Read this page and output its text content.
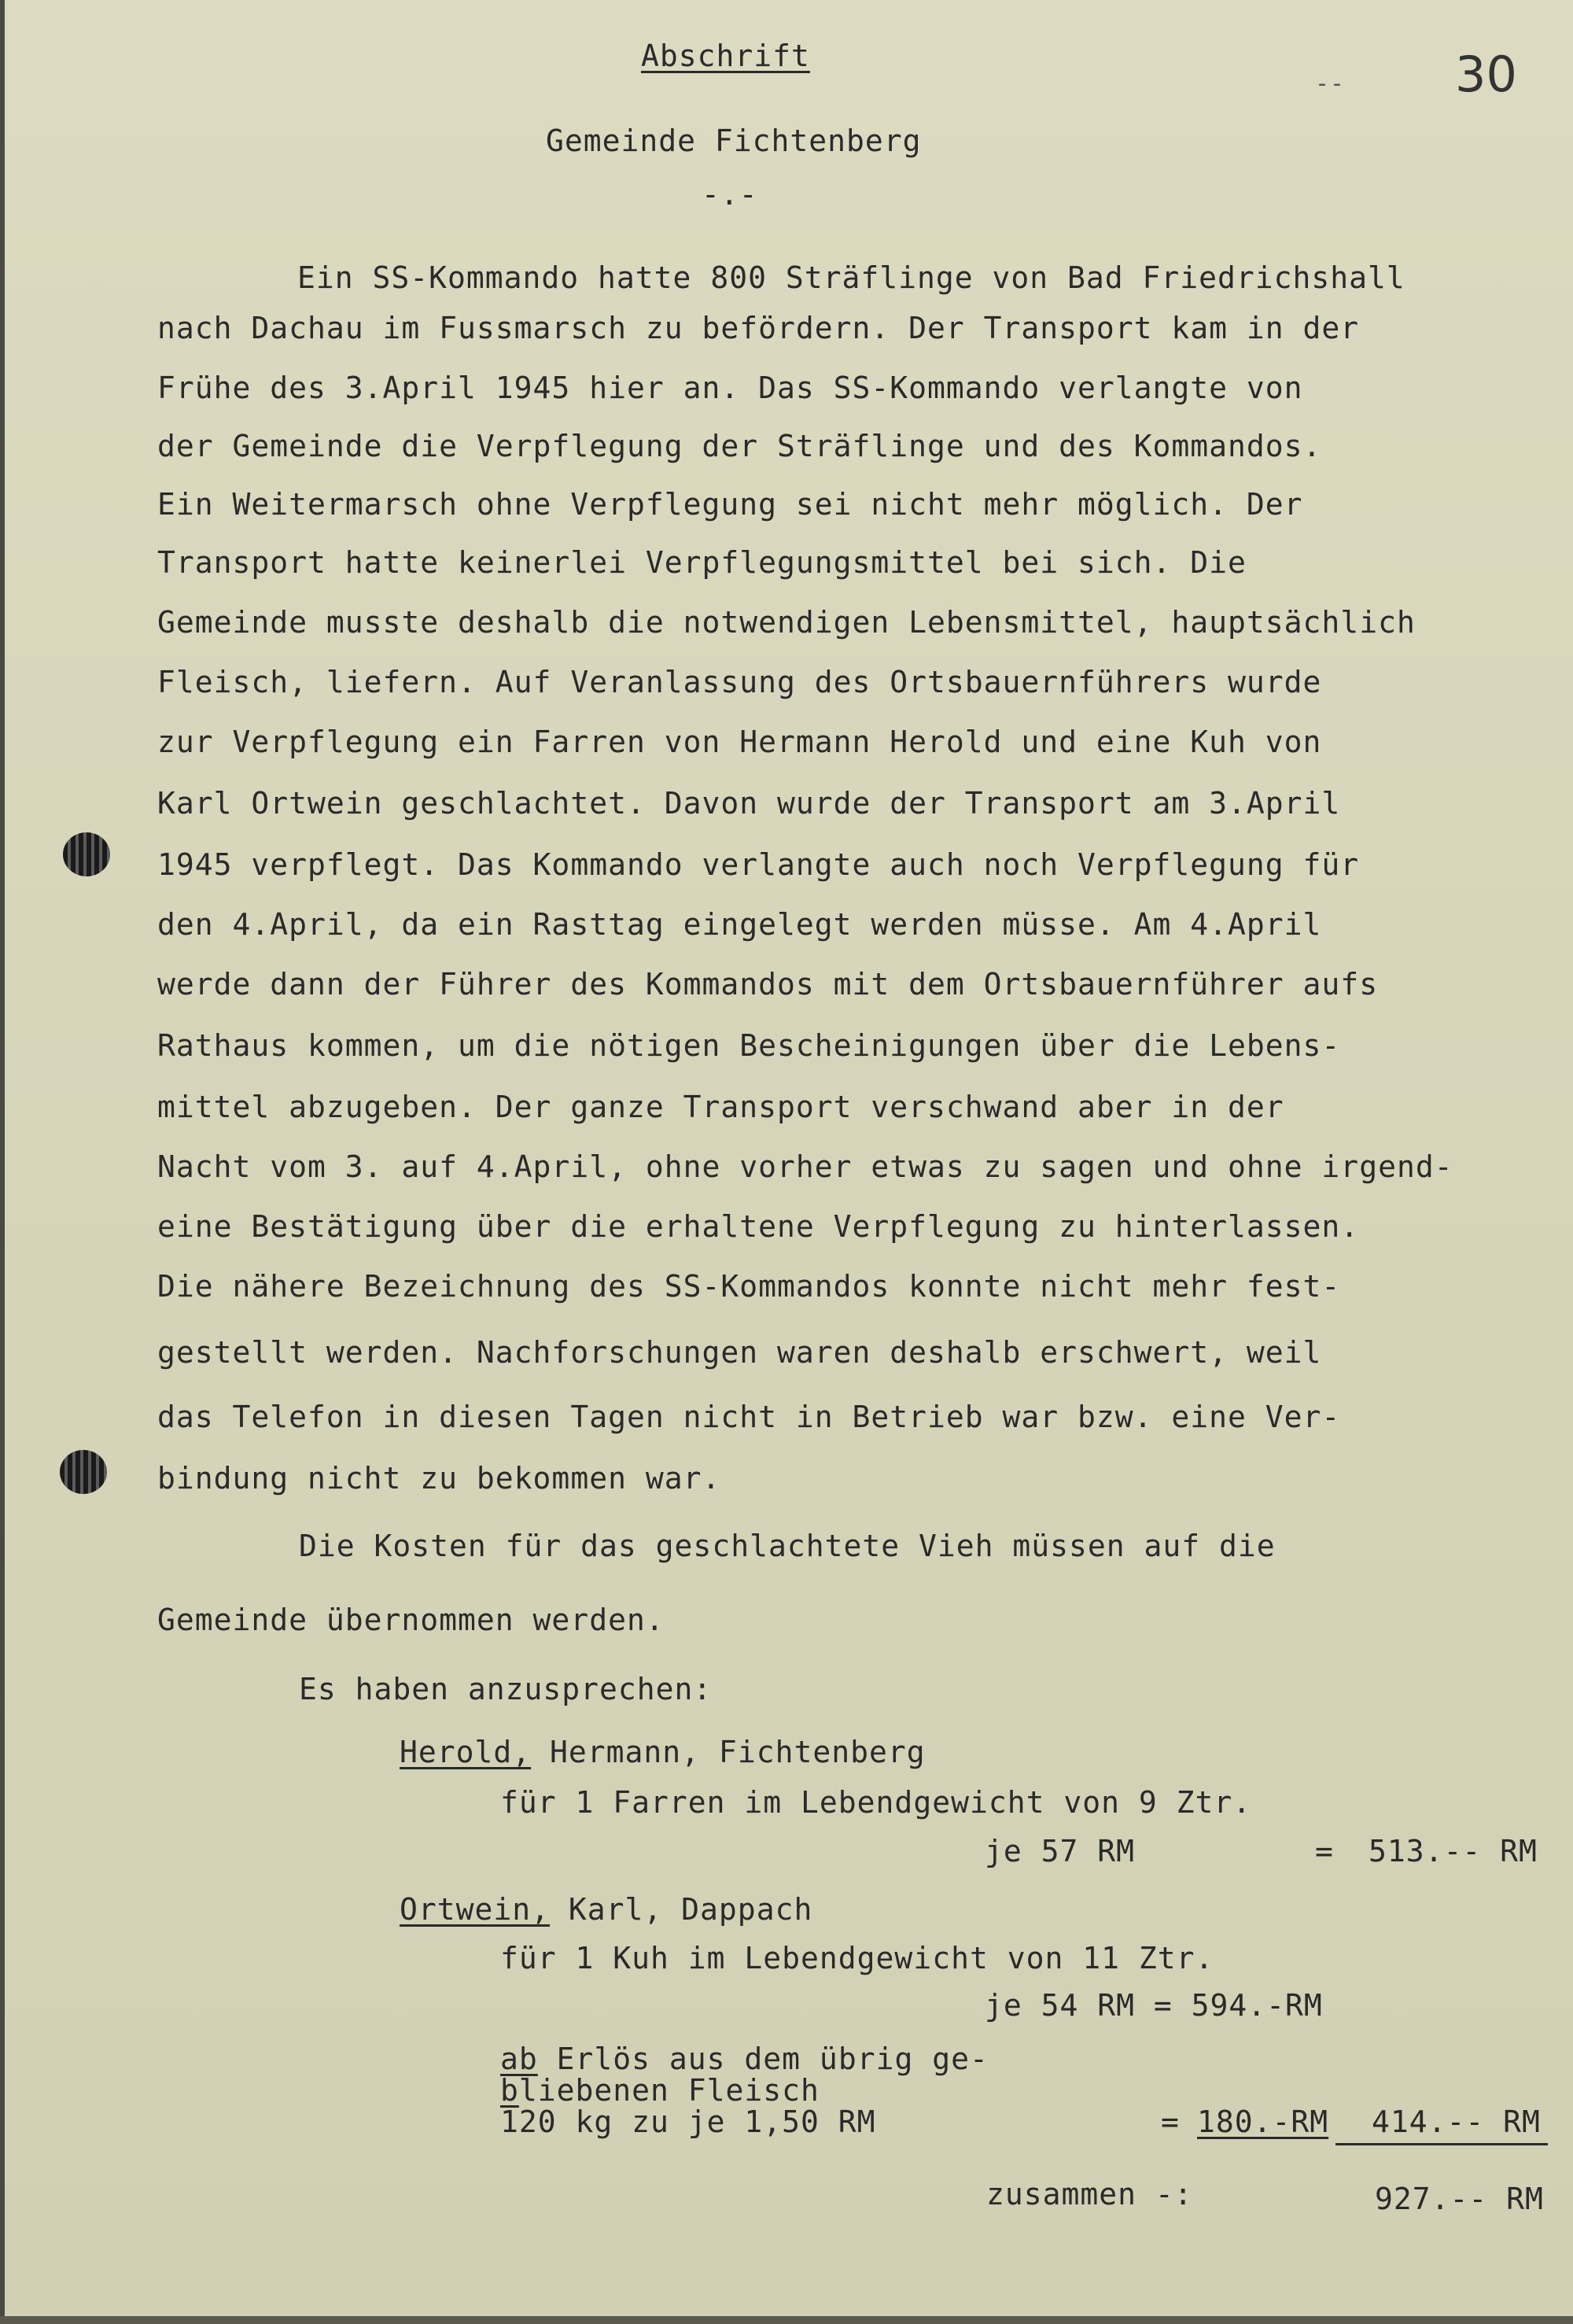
Abschrift
-- 30
Gemeinde Fichtenberg
-.-
Ein SS-Kommando hatte 800 Sträflinge von Bad Friedrichshall
nach Dachau im Fussmarsch zu befördern. Der Transport kam in der
Frühe des 3.April 1945 hier an. Das SS-Kommando verlangte von
der Gemeinde die Verpflegung der Sträflinge und des Kommandos.
Ein Weitermarsch ohne Verpflegung sei nicht mehr möglich. Der
Transport hatte keinerlei Verpflegungsmittel bei sich. Die
Gemeinde musste deshalb die notwendigen Lebensmittel, hauptsächlich
Fleisch, liefern. Auf Veranlassung des Ortsbauernführers wurde
zur Verpflegung ein Farren von Hermann Herold und eine Kuh von
Karl Ortwein geschlachtet. Davon wurde der Transport am 3.April
1945 verpflegt. Das Kommando verlangte auch noch Verpflegung für
den 4.April, da ein Rasttag eingelegt werden müsse. Am 4.April
werde dann der Führer des Kommandos mit dem Ortsbauernführer aufs
Rathaus kommen, um die nötigen Bescheinigungen über die Lebens-
mittel abzugeben. Der ganze Transport verschwand aber in der
Nacht vom 3. auf 4.April, ohne vorher etwas zu sagen und ohne irgend-
eine Bestätigung über die erhaltene Verpflegung zu hinterlassen.
Die nähere Bezeichnung des SS-Kommandos konnte nicht mehr fest-
gestellt werden. Nachforschungen waren deshalb erschwert, weil
das Telefon in diesen Tagen nicht in Betrieb war bzw. eine Ver-
bindung nicht zu bekommen war.
Die Kosten für das geschlachtete Vieh müssen auf die
Gemeinde übernommen werden.
Es haben anzusprechen:
Herold, Hermann, Fichtenberg
für 1 Farren im Lebendgewicht von 9 Ztr.
je 57 RM	= 513.-- RM
Ortwein, Karl, Dappach
für 1 Kuh im Lebendgewicht von 11 Ztr.
je 54 RM = 594.-RM
ab Erlös aus dem übrig ge-
bliebenen Fleisch
120 kg zu je 1,50 RM	= 180.-RM 414.-- RM
zusammen -:	927.-- RM
